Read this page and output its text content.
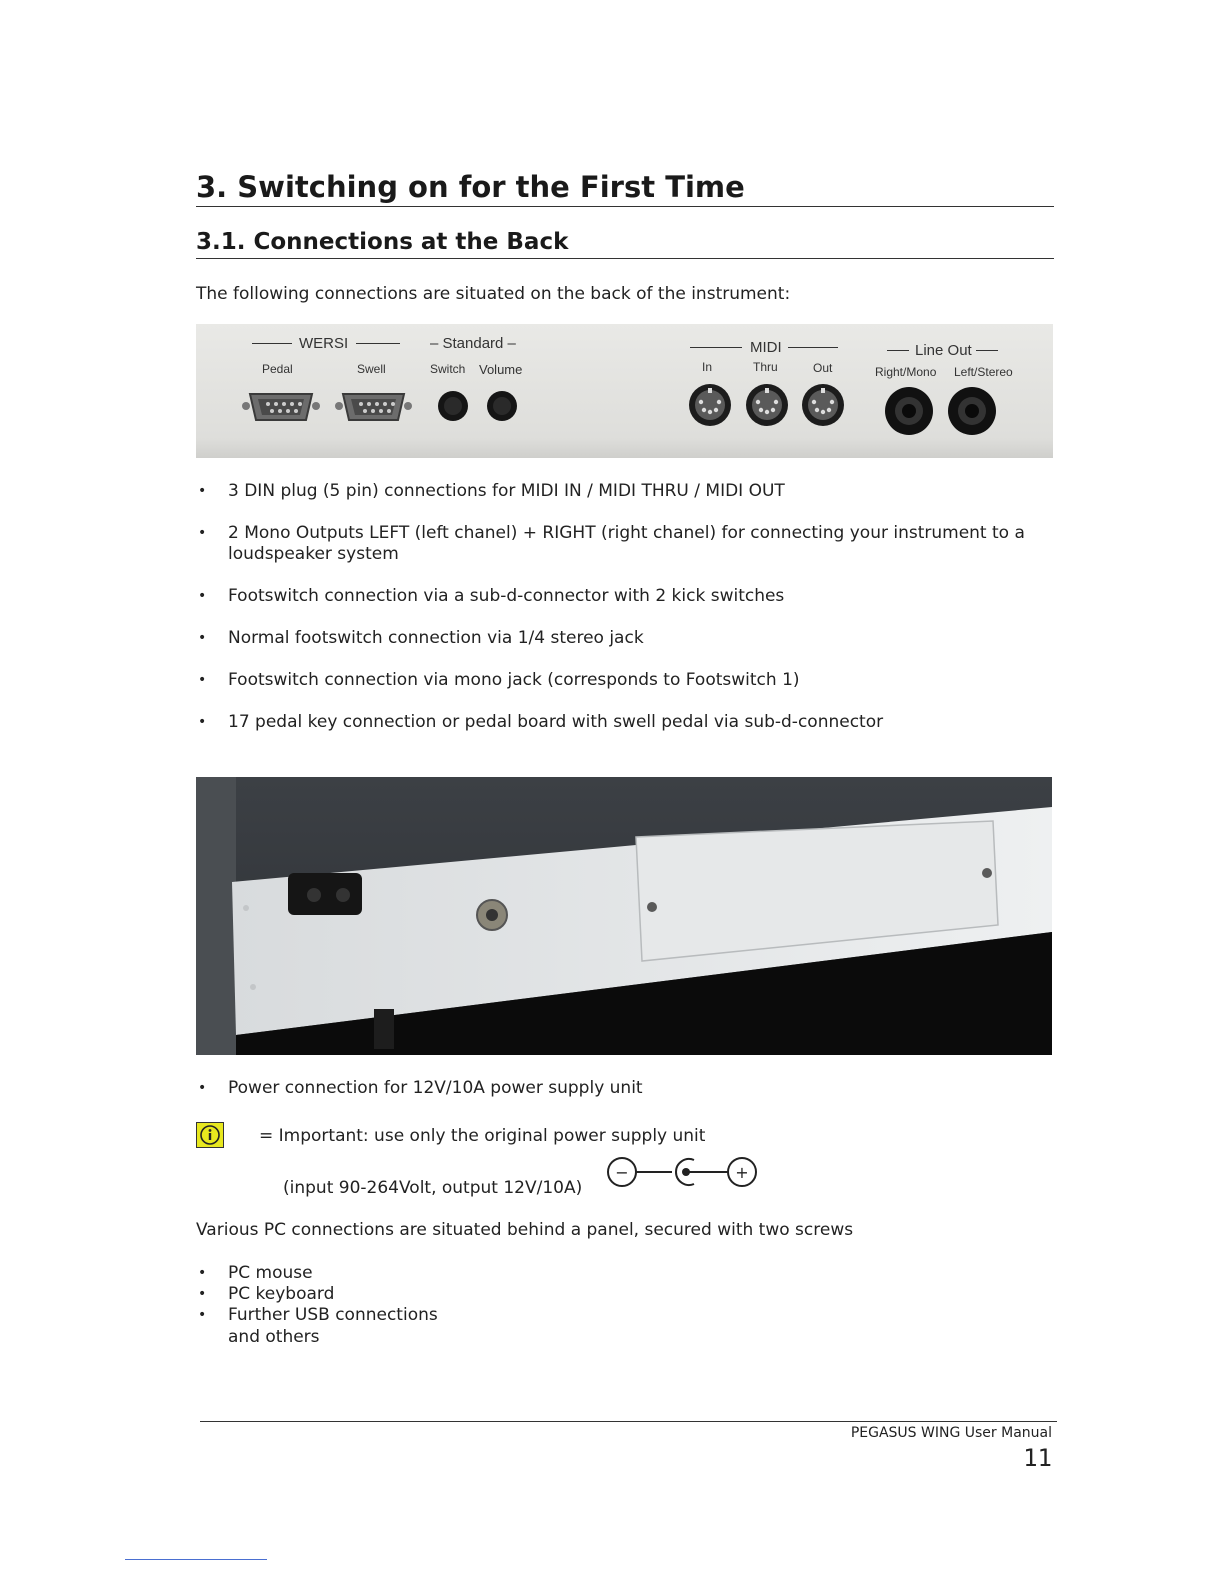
3. Switching on for the First Time
3.1. Connections at the Back
The following connections are situated on the back of the instrument:
WERSI
Pedal	Swell
– Standard –
Switch Volume
MIDI
In	Thru	Out
Line Out
Right/Mono Left/Stereo
• 3 DIN plug (5 pin) connections for MIDI IN / MIDI THRU / MIDI OUT
• 2 Mono Outputs LEFT (left chanel) + RIGHT (right chanel) for connecting your instrument to a loudspeaker system
• Footswitch connection via a sub-d-connector with 2 kick switches
• Normal footswitch connection via 1/4 stereo jack
• Footswitch connection via mono jack (corresponds to Footswitch 1)
• 17 pedal key connection or pedal board with swell pedal via sub-d-connector
• Power connection for 12V/10A power supply unit
= Important: use only the original power supply unit
(input 90-264Volt, output 12V/10A)
−	+
Various PC connections are situated behind a panel, secured with two screws
• PC mouse
• PC keyboard
• Further USB connections
and others
PEGASUS WING User Manual
11
